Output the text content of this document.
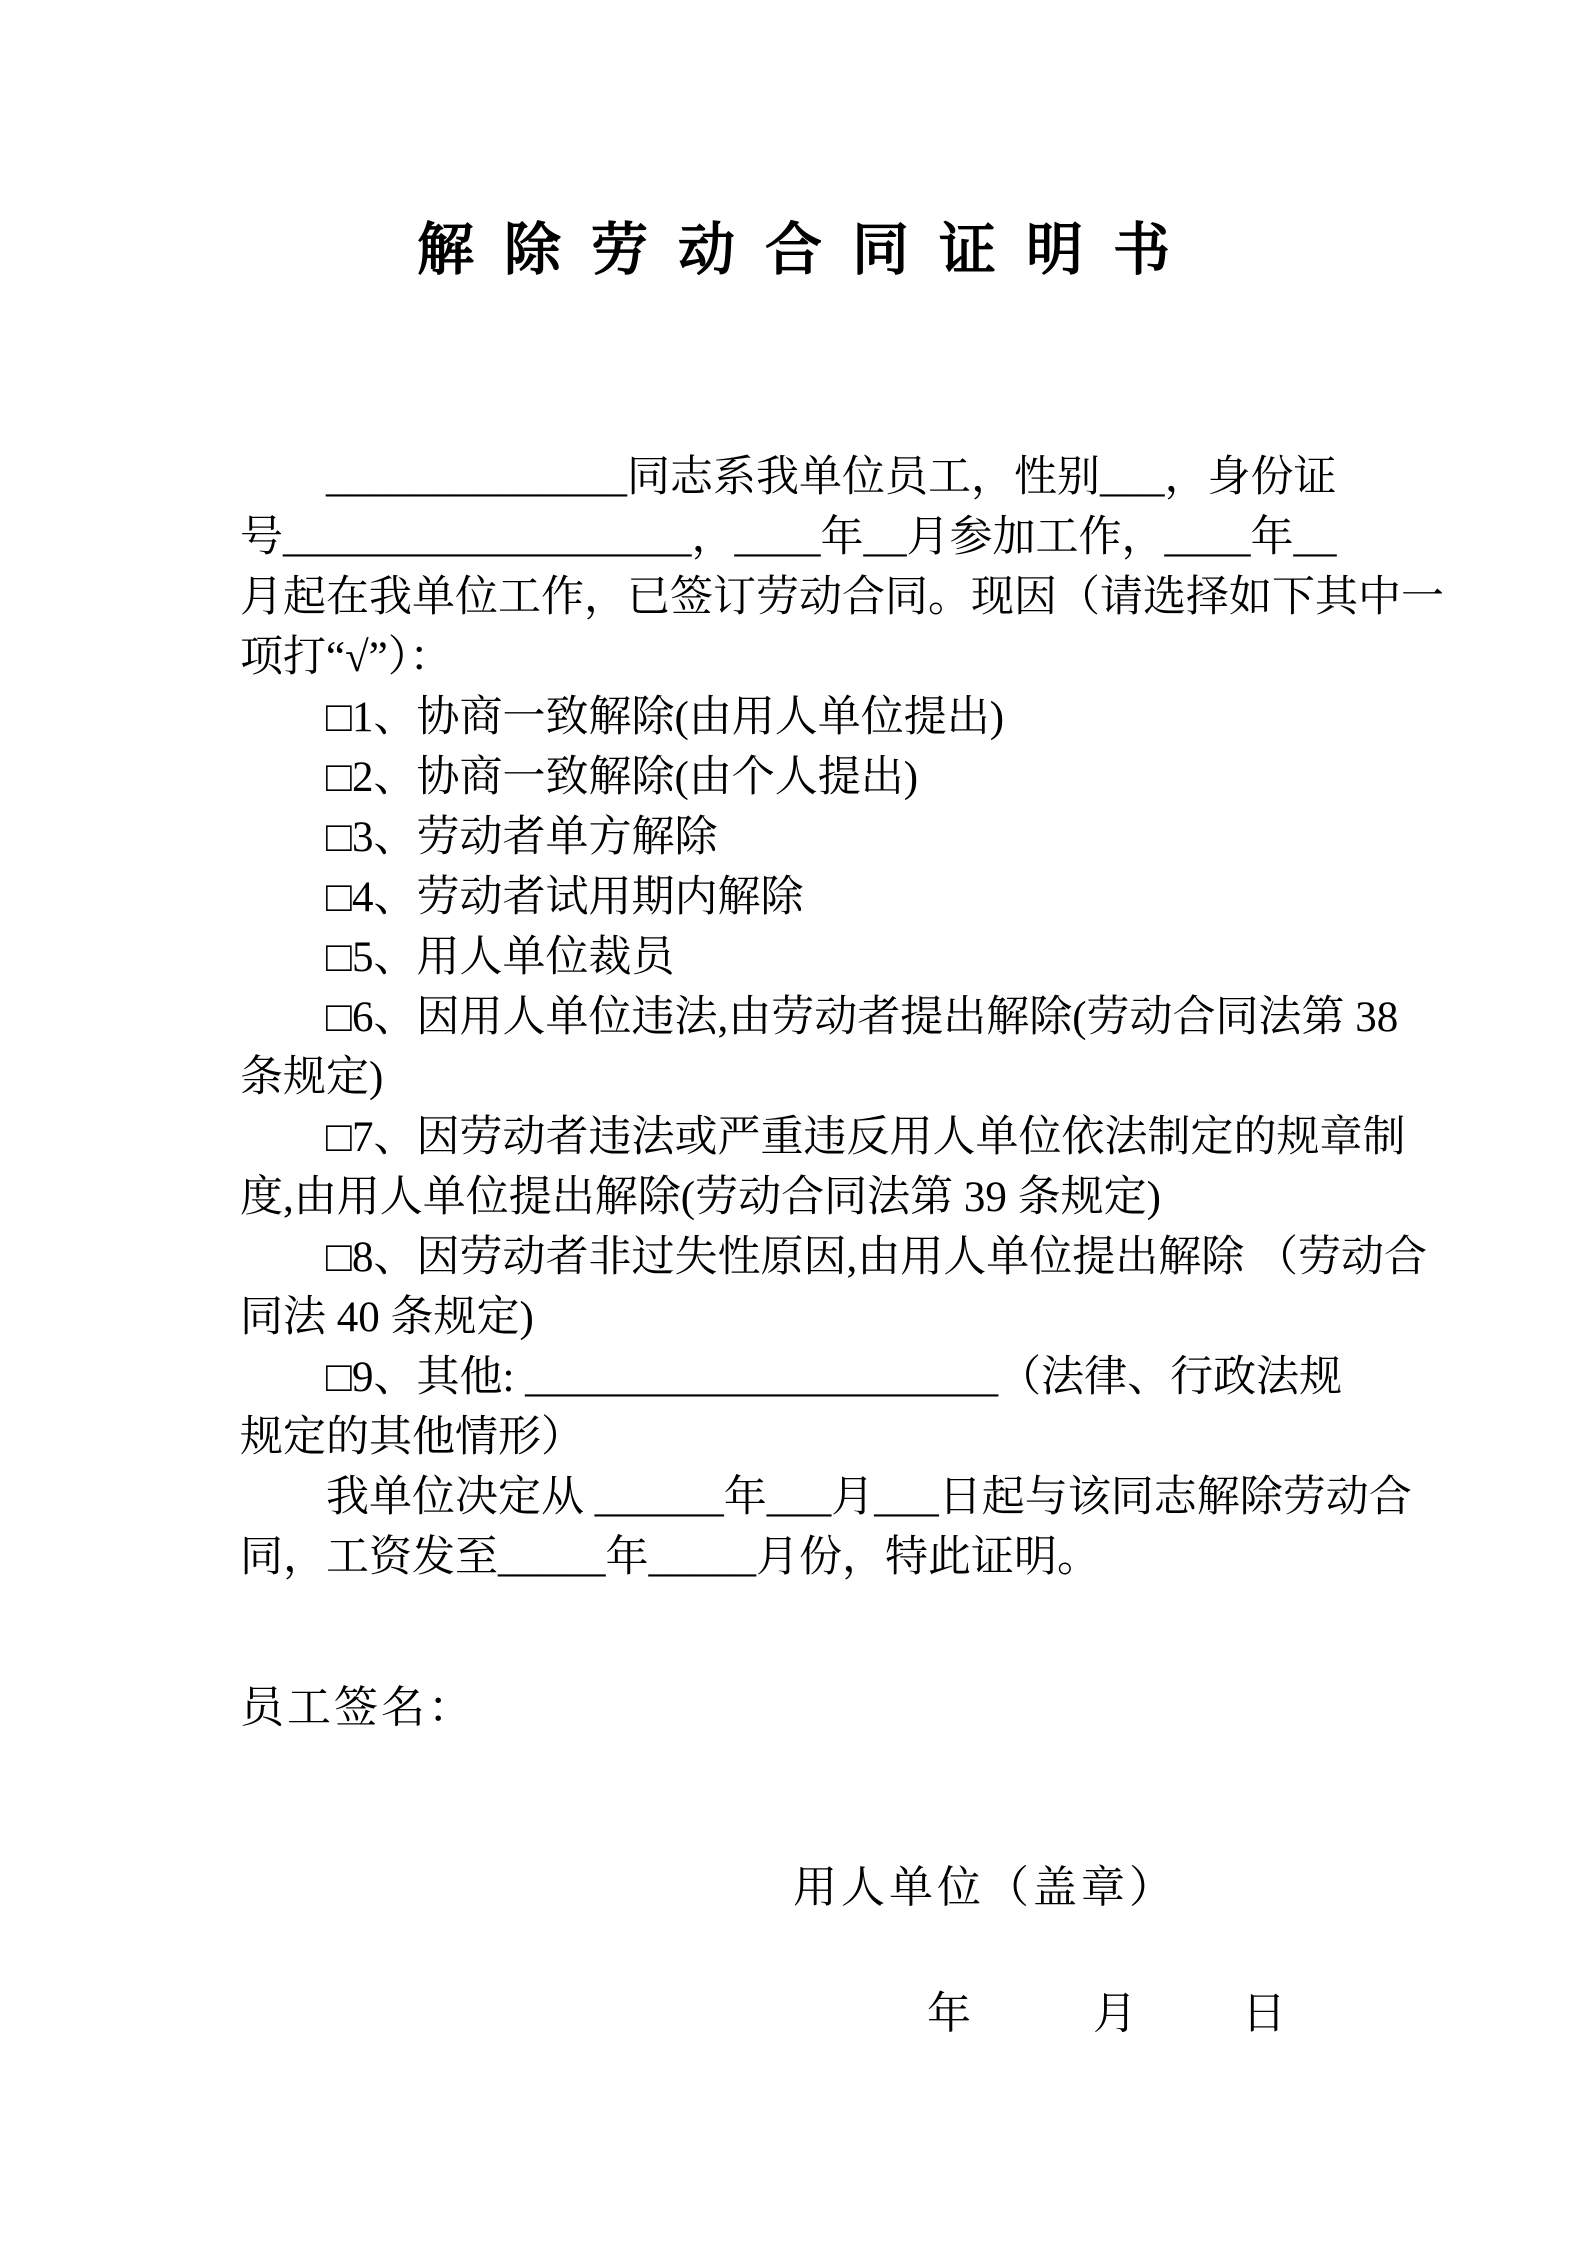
解除劳动合同证明书

______________同志系我单位员工，性别___，身份证

号___________________，____年__月参加工作，____年__

月起在我单位工作，已签订劳动合同。现因（请选择如下其中一

项打“√”）：

□1、协商一致解除(由用人单位提出)

□2、协商一致解除(由个人提出)

□3、劳动者单方解除

□4、劳动者试用期内解除

□5、用人单位裁员

□6、因用人单位违法,由劳动者提出解除(劳动合同法第 38

条规定)

□7、因劳动者违法或严重违反用人单位依法制定的规章制

度,由用人单位提出解除(劳动合同法第 39 条规定)

□8、因劳动者非过失性原因,由用人单位提出解除 （劳动合

同法 40 条规定)

□9、其他: ______________________（法律、行政法规

规定的其他情形）

我单位决定从 ______年___月___日起与该同志解除劳动合

同，工资发至_____年_____月份，特此证明。

员工签名：

用人单位（盖章）

年	月 日
